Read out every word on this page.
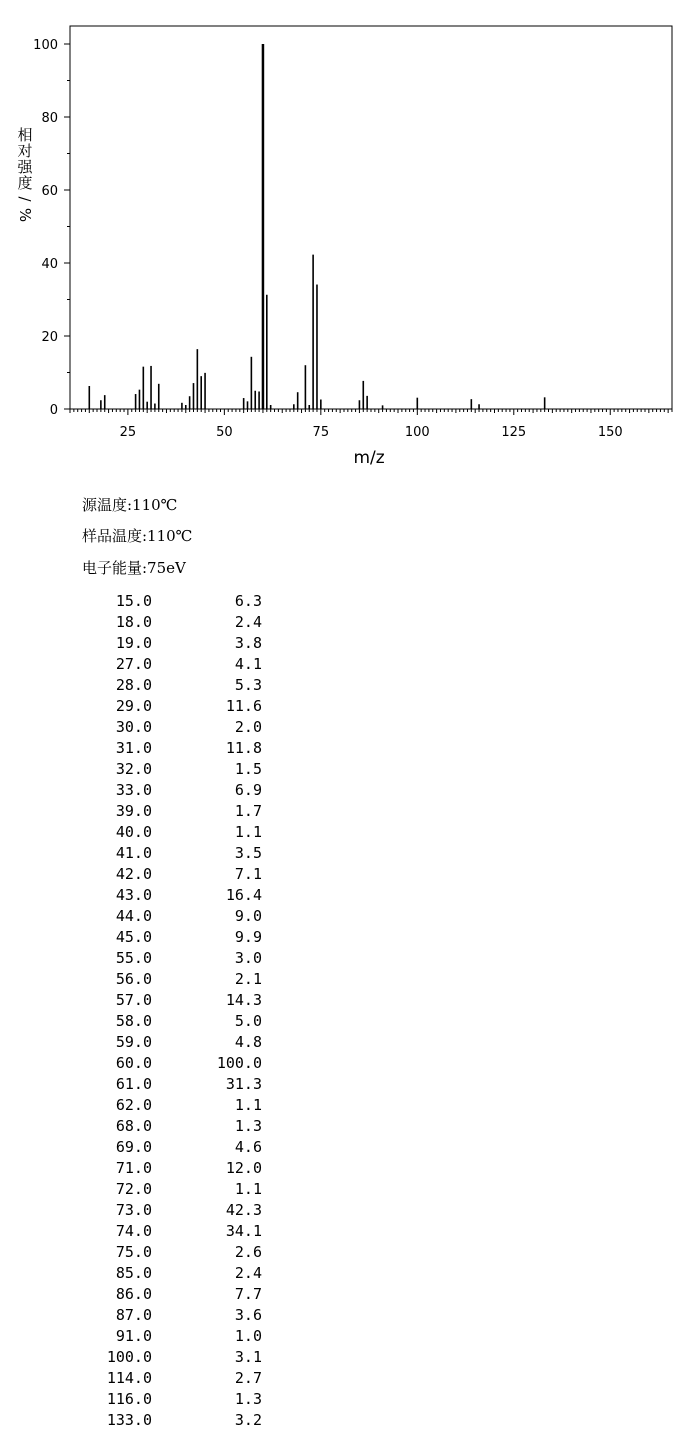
25	50	75	100	125	150
0
20
40
60
80
100
m/z
相
对
强
度
/
%
源温度:110℃
样品温度:110℃
电子能量:75eV
15.0	6.3
18.0	2.4
19.0	3.8
27.0	4.1
28.0	5.3
29.0	11.6
30.0	2.0
31.0	11.8
32.0	1.5
33.0	6.9
39.0	1.7
40.0	1.1
41.0	3.5
42.0	7.1
43.0	16.4
44.0	9.0
45.0	9.9
55.0	3.0
56.0	2.1
57.0	14.3
58.0	5.0
59.0	4.8
60.0	100.0
61.0	31.3
62.0	1.1
68.0	1.3
69.0	4.6
71.0	12.0
72.0	1.1
73.0	42.3
74.0	34.1
75.0	2.6
85.0	2.4
86.0	7.7
87.0	3.6
91.0	1.0
100.0	3.1
114.0	2.7
116.0	1.3
133.0	3.2
